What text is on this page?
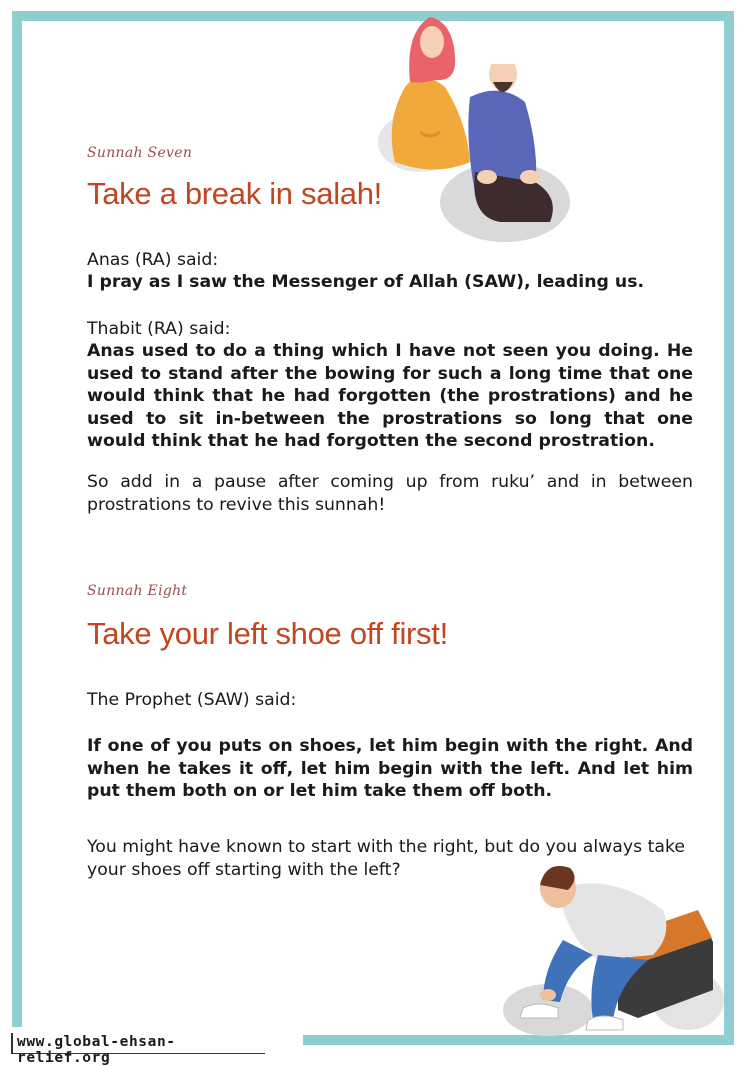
Sunnah Seven
Take a break in salah!
Anas (RA) said:
I pray as I saw the Messenger of Allah (SAW), leading us.
Thabit (RA) said:
Anas used to do a thing which I have not seen you doing. He used to stand after the bowing for such a long time that one would think that he had forgotten (the prostrations) and he used to sit in-between the prostrations so long that one would think that he had forgotten the second prostration.
So add in a pause after coming up from ruku’ and in between prostrations to revive this sunnah!
Sunnah Eight
Take your left shoe off first!
The Prophet (SAW) said:
If one of you puts on shoes, let him begin with the right. And when he takes it off, let him begin with the left. And let him put them both on or let him take them off both.
You might have known to start with the right, but do you always take your shoes off starting with the left?
www.global-ehsan-relief.org
